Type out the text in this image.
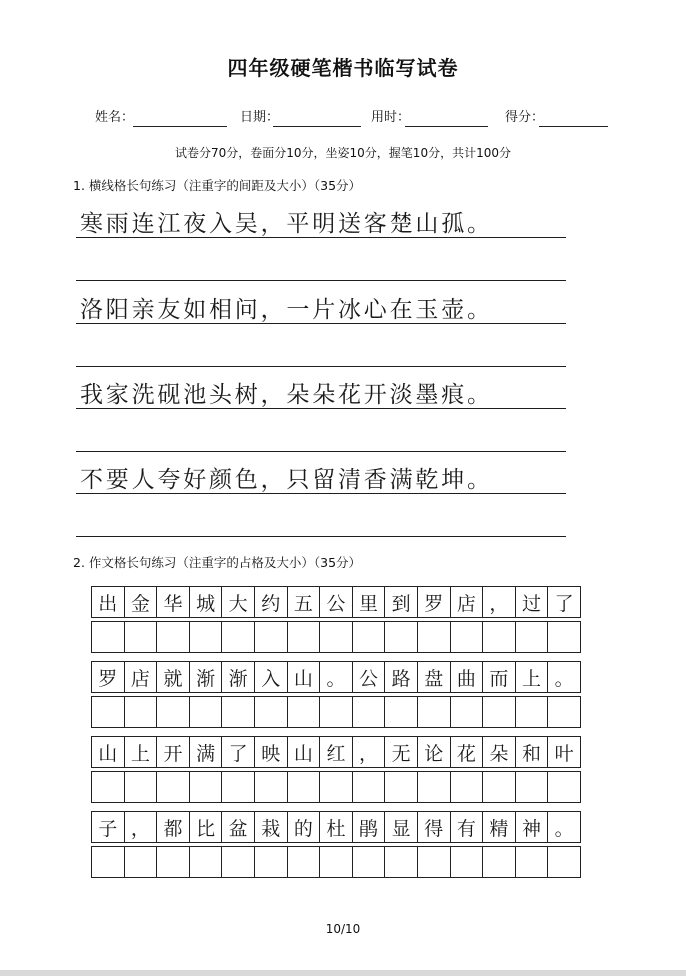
四年级硬笔楷书临写试卷
姓名：	日期：	用时：	得分：
试卷分70分，卷面分10分，坐姿10分，握笔10分，共计100分
1. 横线格长句练习（注重字的间距及大小）（35分）
寒雨连江夜入吴，平明送客楚山孤。
洛阳亲友如相问，一片冰心在玉壶。
我家洗砚池头树，朵朵花开淡墨痕。
不要人夸好颜色，只留清香满乾坤。
2. 作文格长句练习（注重字的占格及大小）（35分）
出 金 华 城 大 约 五 公 里 到 罗 店 ， 过 了
罗 店 就 渐 渐 入 山 。 公 路 盘 曲 而 上 。
山 上 开 满 了 映 山 红 ， 无 论 花 朵 和 叶
子 ， 都 比 盆 栽 的 杜 鹃 显 得 有 精 神 。
10/10
